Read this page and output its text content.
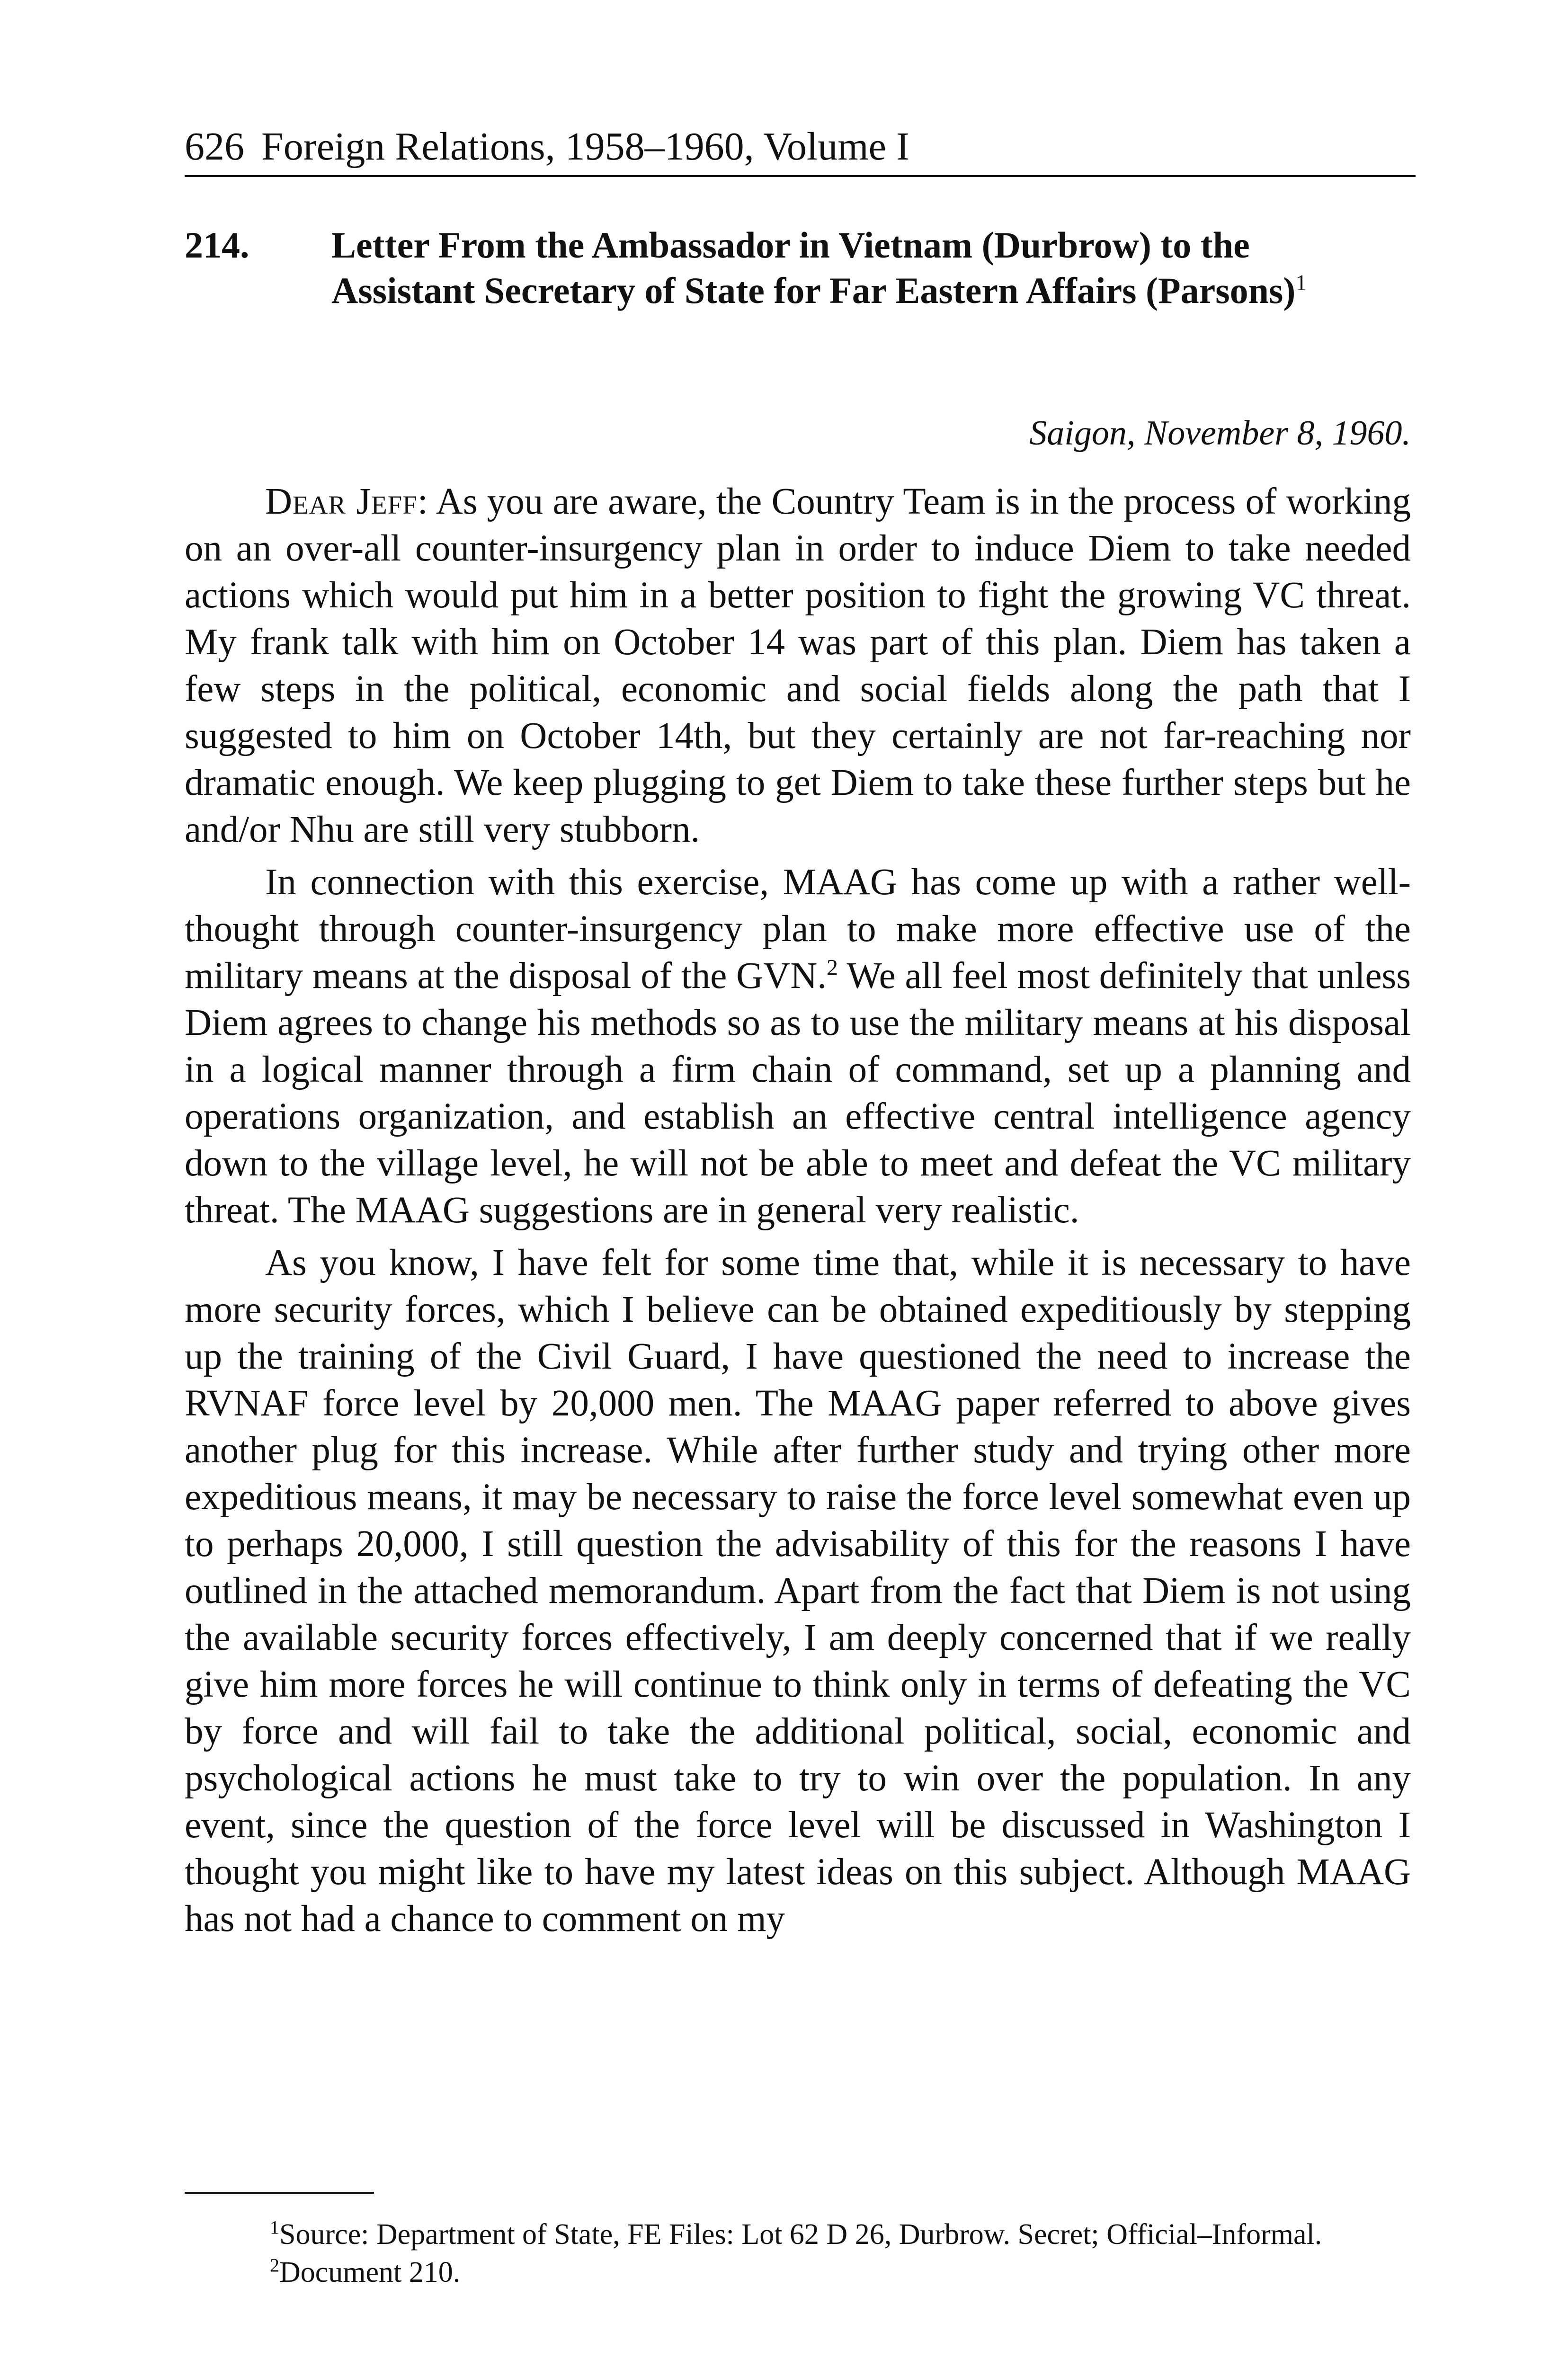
626 Foreign Relations, 1958–1960, Volume I
214. Letter From the Ambassador in Vietnam (Durbrow) to the Assistant Secretary of State for Far Eastern Affairs (Parsons)$^1$
Saigon, November 8, 1960.

Dear Jeff: As you are aware, the Country Team is in the process of working on an over-all counter-insurgency plan in order to induce Diem to take needed actions which would put him in a better position to fight the growing VC threat. My frank talk with him on October 14 was part of this plan. Diem has taken a few steps in the political, economic and social fields along the path that I suggested to him on October 14th, but they certainly are not far-reaching nor dramatic enough. We keep plugging to get Diem to take these further steps but he and/or Nhu are still very stubborn.

In connection with this exercise, MAAG has come up with a rather well-thought through counter-insurgency plan to make more effective use of the military means at the disposal of the GVN.$^2$ We all feel most definitely that unless Diem agrees to change his methods so as to use the military means at his disposal in a logical manner through a firm chain of command, set up a planning and operations organization, and establish an effective central intelligence agency down to the village level, he will not be able to meet and defeat the VC military threat. The MAAG suggestions are in general very realistic.

As you know, I have felt for some time that, while it is necessary to have more security forces, which I believe can be obtained expeditiously by stepping up the training of the Civil Guard, I have questioned the need to increase the RVNAF force level by 20,000 men. The MAAG paper referred to above gives another plug for this increase. While after further study and trying other more expeditious means, it may be necessary to raise the force level somewhat even up to perhaps 20,000, I still question the advisability of this for the reasons I have outlined in the attached memorandum. Apart from the fact that Diem is not using the available security forces effectively, I am deeply concerned that if we really give him more forces he will continue to think only in terms of defeating the VC by force and will fail to take the additional political, social, economic and psychological actions he must take to try to win over the population. In any event, since the question of the force level will be discussed in Washington I thought you might like to have my latest ideas on this subject. Although MAAG has not had a chance to comment on my

$^1$Source: Department of State, FE Files: Lot 62 D 26, Durbrow. Secret; Official–Informal.

$^2$Document 210.
